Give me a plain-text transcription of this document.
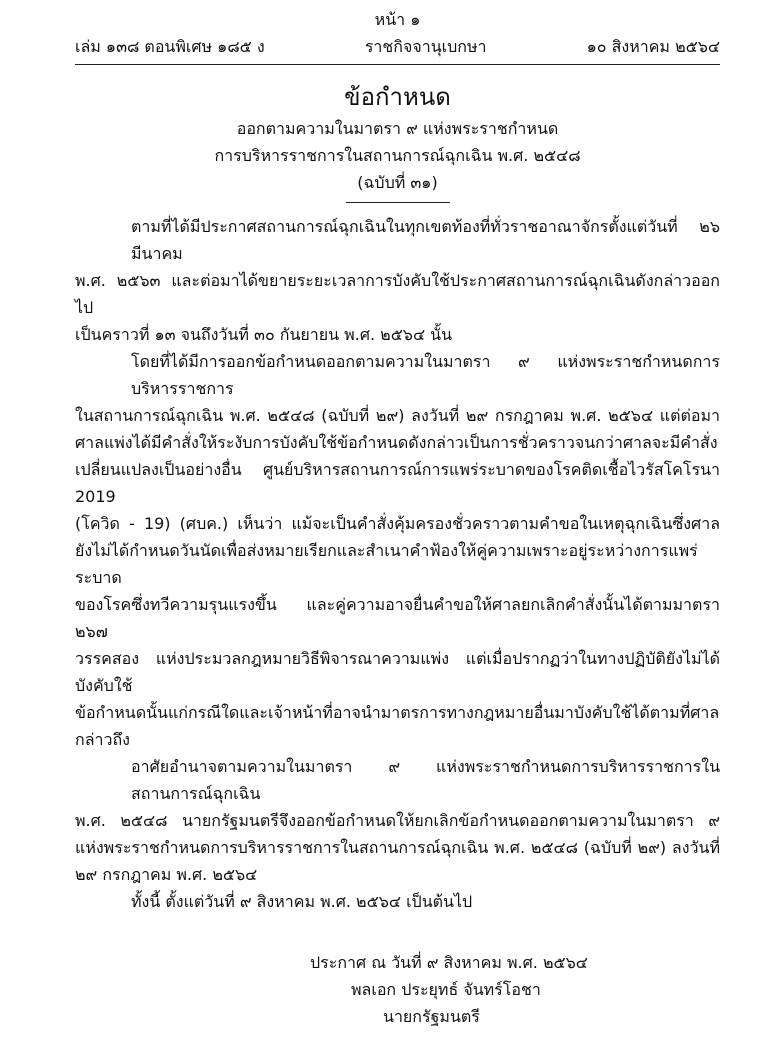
หน้า ๑
เล่ม ๑๓๘ ตอนพิเศษ ๑๘๕ ง	ราชกิจจานุเบกษา	๑๐ สิงหาคม ๒๕๖๔
ข้อกำหนด
ออกตามความในมาตรา ๙ แห่งพระราชกำหนด
การบริหารราชการในสถานการณ์ฉุกเฉิน พ.ศ. ๒๕๔๘
(ฉบับที่ ๓๑)
ตามที่ได้มีประกาศสถานการณ์ฉุกเฉินในทุกเขตท้องที่ทั่วราชอาณาจักรตั้งแต่วันที่ ๒๖ มีนาคม
พ.ศ. ๒๕๖๓ และต่อมาได้ขยายระยะเวลาการบังคับใช้ประกาศสถานการณ์ฉุกเฉินดังกล่าวออกไป
เป็นคราวที่ ๑๓ จนถึงวันที่ ๓๐ กันยายน พ.ศ. ๒๕๖๔ นั้น
โดยที่ได้มีการออกข้อกำหนดออกตามความในมาตรา ๙ แห่งพระราชกำหนดการบริหารราชการ
ในสถานการณ์ฉุกเฉิน พ.ศ. ๒๕๔๘ (ฉบับที่ ๒๙) ลงวันที่ ๒๙ กรกฎาคม พ.ศ. ๒๕๖๔ แต่ต่อมา
ศาลแพ่งได้มีคำสั่งให้ระงับการบังคับใช้ข้อกำหนดดังกล่าวเป็นการชั่วคราวจนกว่าศาลจะมีคำสั่ง
เปลี่ยนแปลงเป็นอย่างอื่น ศูนย์บริหารสถานการณ์การแพร่ระบาดของโรคติดเชื้อไวรัสโคโรนา 2019
(โควิด - 19) (ศบค.) เห็นว่า แม้จะเป็นคำสั่งคุ้มครองชั่วคราวตามคำขอในเหตุฉุกเฉินซึ่งศาล
ยังไม่ได้กำหนดวันนัดเพื่อส่งหมายเรียกและสำเนาคำฟ้องให้คู่ความเพราะอยู่ระหว่างการแพร่ระบาด
ของโรคซึ่งทวีความรุนแรงขึ้น และคู่ความอาจยื่นคำขอให้ศาลยกเลิกคำสั่งนั้นได้ตามมาตรา ๒๖๗
วรรคสอง แห่งประมวลกฎหมายวิธีพิจารณาความแพ่ง แต่เมื่อปรากฏว่าในทางปฏิบัติยังไม่ได้บังคับใช้
ข้อกำหนดนั้นแก่กรณีใดและเจ้าหน้าที่อาจนำมาตรการทางกฎหมายอื่นมาบังคับใช้ได้ตามที่ศาลกล่าวถึง
อาศัยอำนาจตามความในมาตรา ๙ แห่งพระราชกำหนดการบริหารราชการในสถานการณ์ฉุกเฉิน
พ.ศ. ๒๕๔๘ นายกรัฐมนตรีจึงออกข้อกำหนดให้ยกเลิกข้อกำหนดออกตามความในมาตรา ๙
แห่งพระราชกำหนดการบริหารราชการในสถานการณ์ฉุกเฉิน พ.ศ. ๒๕๔๘ (ฉบับที่ ๒๙) ลงวันที่
๒๙ กรกฎาคม พ.ศ. ๒๕๖๔
ทั้งนี้ ตั้งแต่วันที่ ๙ สิงหาคม พ.ศ. ๒๕๖๔ เป็นต้นไป
ประกาศ ณ วันที่ ๙ สิงหาคม พ.ศ. ๒๕๖๔
พลเอก ประยุทธ์ จันทร์โอชา
นายกรัฐมนตรี
